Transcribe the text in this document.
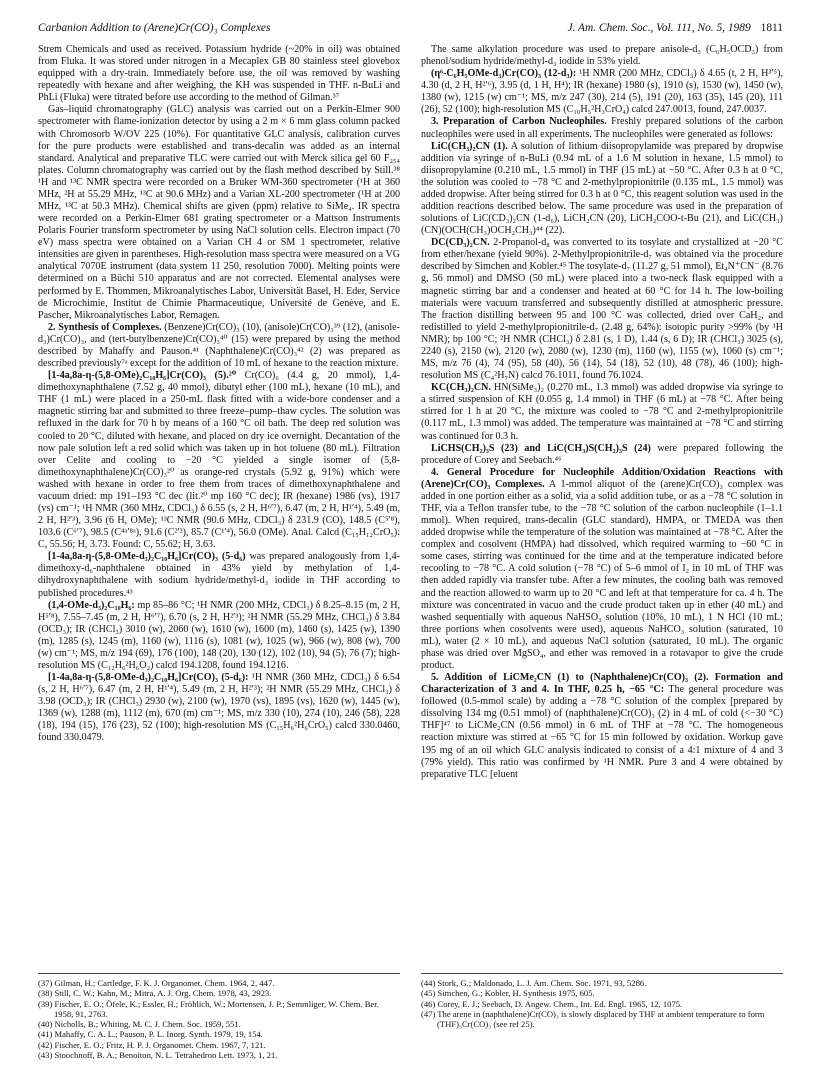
Carbanion Addition to (Arene)Cr(CO)₃ Complexes	J. Am. Chem. Soc., Vol. 111, No. 5, 1989 1811

Strem Chemicals and used as received. Potassium hydride (~20% in oil) was obtained from Fluka. It was stored under nitrogen in a Mecaplex GB 80 stainless steel glovebox equipped with a dry-train. Immediately before use, the oil was removed by washing repeatedly with hexane and after weighing, the KH was suspended in THF. n-BuLi and PhLi (Fluka) were titrated before use according to the method of Gilman.³⁷

Gas–liquid chromatography (GLC) analysis was carried out on a Perkin-Elmer 900 spectrometer with flame-ionization detector by using a 2 m × 6 mm glass column packed with Chromosorb W/OV 225 (10%). For quantitative GLC analysis, calibration curves for the pure products were established and trans-decalin was added as an internal standard. Analytical and preparative TLC were carried out with Merck silica gel 60 F₂₅₄ plates. Column chromatography was carried out by the flash method described by Still.³⁸ ¹H and ¹³C NMR spectra were recorded on a Bruker WM-360 spectrometer (¹H at 360 MHz, ²H at 55.29 MHz, ¹³C at 90.6 MHz) and a Varian XL-200 spectrometer (¹H at 200 MHz, ¹³C at 50.3 MHz). Chemical shifts are given (ppm) relative to SiMe₄. IR spectra were recorded on a Perkin-Elmer 681 grating spectrometer or a Mattson Instruments Polaris Fourier transform spectrometer by using NaCl solution cells. Electron impact (70 eV) mass spectra were obtained on a Varian CH 4 or SM 1 spectrometer, relative intensities are given in parentheses. High-resolution mass spectra were measured on a VG analytical 7070E instrument (data system 11 250, resolution 7000). Melting points were determined on a Büchi 510 apparatus and are not corrected. Elemental analyses were performed by E. Thommen, Mikroanalytisches Labor, Universität Basel, H. Eder, Service de Microchimie, Institut de Chimie Pharmaceutique, Université de Genève, and E. Pascher, Mikroanalytisches Labor, Remagen.

2. Synthesis of Complexes. (Benzene)Cr(CO)₃ (10), (anisole)Cr(CO)₃³⁹ (12), (anisole-d₃)Cr(CO)₃, and (tert-butylbenzene)Cr(CO)₃⁴⁰ (15) were prepared by using the method described by Mahaffy and Pauson.⁴¹ (Naphthalene)Cr(CO)₃⁴² (2) was prepared as described previously⁷ᵃ except for the addition of 10 mL of hexane to the reaction mixture.

[1-4a,8a-η-(5,8-OMe)₂C₁₀H₆]Cr(CO)₃ (5).²⁰ Cr(CO)₆ (4.4 g, 20 mmol), 1,4-dimethoxynaphthalene (7.52 g, 40 mmol), dibutyl ether (100 mL), hexane (10 mL), and THF (1 mL) were placed in a 250-mL flask fitted with a wide-bore condenser and a magnetic stirring bar and submitted to three freeze–pump–thaw cycles. The solution was refluxed in the dark for 70 h by means of a 160 °C oil bath. The deep red solution was cooled to 20 °C, diluted with hexane, and placed on dry ice overnight. Decantation of the now pale solution left a red solid which was taken up in hot toluene (80 mL). Filtration over Celite and cooling to −20 °C yielded a single isomer of (5,8-dimethoxynaphthalene)Cr(CO)₃²⁰ as orange-red crystals (5.92 g, 91%) which were washed with hexane in order to free them from traces of dimethoxynaphthalene and vacuum dried: mp 191–193 °C dec (lit.²⁰ mp 160 °C dec); IR (hexane) 1986 (vs), 1917 (vs) cm⁻¹; ¹H NMR (360 MHz, CDCl₃) δ 6.55 (s, 2 H, H⁶ʹ⁷), 6.47 (m, 2 H, H¹ʹ⁴), 5.49 (m, 2 H, H²ʹ³), 3.96 (6 H, OMe); ¹³C NMR (90.6 MHz, CDCl₃) δ 231.9 (CO), 148.5 (C⁵ʹ⁸), 103.6 (C⁶ʹ⁷), 98.5 (C⁴ᵃʹ⁸ᵃ), 91.6 (C²ʹ³), 85.7 (C¹ʹ⁴), 56.0 (OMe). Anal. Calcd (C₁₅H₁₂CrO₅): C, 55.56; H, 3.73. Found: C, 55.62; H, 3.63.

[1-4a,8a-η-(5,8-OMe-d₃)₂C₁₀H₆]Cr(CO)₃ (5-d₆) was prepared analogously from 1,4-dimethoxy-d₆-naphthalene obtained in 43% yield by methylation of 1,4-dihydroxynaphthalene with sodium hydride/methyl-d₃ iodide in THF according to published procedures.⁴³

(1,4-OMe-d₃)₂C₁₀H₆: mp 85–86 °C; ¹H NMR (200 MHz, CDCl₃) δ 8.25–8.15 (m, 2 H, H⁵ʹ⁸), 7.55–7.45 (m, 2 H, H⁶ʹ⁷), 6.70 (s, 2 H, H²ʹ³); ²H NMR (55.29 MHz, CHCl₃) δ 3.84 (OCD₃); IR (CHCl₃) 3010 (w), 2060 (w), 1610 (w), 1600 (m), 1460 (s), 1425 (w), 1390 (m), 1285 (s), 1245 (m), 1160 (w), 1116 (s), 1081 (w), 1025 (w), 966 (w), 808 (w), 700 (w) cm⁻¹; MS, m/z 194 (69), 176 (100), 148 (20), 130 (12), 102 (10), 94 (5), 76 (7); high-resolution MS (C₁₂H₆²H₆O₂) calcd 194.1208, found 194.1216.

[1-4a,8a-η-(5,8-OMe-d₃)₂C₁₀H₆]Cr(CO)₃ (5-d₆): ¹H NMR (360 MHz, CDCl₃) δ 6.54 (s, 2 H, H⁶ʹ⁷), 6.47 (m, 2 H, H¹ʹ⁴), 5.49 (m, 2 H, H²ʹ³); ²H NMR (55.29 MHz, CHCl₃) δ 3.98 (OCD₃); IR (CHCl₃) 2930 (w), 2100 (w), 1970 (vs), 1895 (vs), 1620 (w), 1445 (w), 1369 (w), 1288 (m), 1112 (m), 670 (m) cm⁻¹; MS, m/z 330 (10), 274 (10), 246 (58), 228 (18), 194 (15), 176 (23), 52 (100); high-resolution MS (C₁₅H₆²H₆CrO₅) calcd 330.0460, found 330.0479.

The same alkylation procedure was used to prepare anisole-d₃ (C₆H₅OCD₃) from phenol/sodium hydride/methyl-d₃ iodide in 53% yield.

(η⁶-C₆H₅OMe-d₃)Cr(CO)₃ (12-d₃): ¹H NMR (200 MHz, CDCl₃) δ 4.65 (t, 2 H, H³ʹ⁵), 4.30 (d, 2 H, H²ʹ⁶), 3.95 (d, 1 H, H⁴); IR (hexane) 1980 (s), 1910 (s), 1530 (w), 1450 (w), 1380 (w), 1215 (w) cm⁻¹; MS, m/z 247 (30), 214 (5), 191 (20), 163 (35), 145 (20), 111 (26), 52 (100); high-resolution MS (C₁₀H₅²H₃CrO₄) calcd 247.0013, found, 247.0037.

3. Preparation of Carbon Nucleophiles. Freshly prepared solutions of the carbon nucleophiles were used in all experiments. The nucleophiles were generated as follows:

LiC(CH₃)₂CN (1). A solution of lithium diisopropylamide was prepared by dropwise addition via syringe of n-BuLi (0.94 mL of a 1.6 M solution in hexane, 1.5 mmol) to diisopropylamine (0.210 mL, 1.5 mmol) in THF (15 mL) at −50 °C. After 0.3 h at 0 °C, the solution was cooled to −78 °C and 2-methylpropionitrile (0.135 mL, 1.5 mmol) was added dropwise. After being stirred for 0.3 h at 0 °C, this reagent solution was used in the addition reactions described below. The same procedure was used in the preparation of solutions of LiC(CD₃)₂CN (1-d₆), LiCH₂CN (20), LiCH₂COO-t-Bu (21), and LiC(CH₃)(CN)(OCH(CH₃)OCH₂CH₃)⁴⁴ (22).

DC(CD₃)₂CN. 2-Propanol-d₈ was converted to its tosylate and crystallized at −20 °C from ether/hexane (yield 90%). 2-Methylpropionitrile-d₇ was obtained via the procedure described by Simchen and Kobler.⁴⁵ The tosylate-d₇ (11.27 g, 51 mmol), Et₄N⁺CN⁻ (8.76 g, 56 mmol) and DMSO (50 mL) were placed into a two-neck flask equipped with a magnetic stirring bar and a condenser and heated at 60 °C for 14 h. The low-boiling materials were vacuum transferred and subsequently distilled at atmospheric pressure. The fraction distilling between 95 and 100 °C was collected, dried over CaH₂, and redistilled to yield 2-methylpropionitrile-d₇ (2.48 g, 64%): isotopic purity >99% (by ¹H NMR); bp 100 °C; ²H NMR (CHCl₃) δ 2.81 (s, 1 D), 1.44 (s, 6 D); IR (CHCl₃) 3025 (s), 2240 (s), 2150 (w), 2120 (w), 2080 (w), 1230 (m), 1160 (w), 1155 (w), 1060 (s) cm⁻¹; MS, m/z 76 (4), 74 (95), 58 (40), 56 (14), 54 (18), 52 (10), 48 (78), 46 (100); high-resolution MS (C₄²H₇N) calcd 76.1011, found 76.1024.

KC(CH₃)₂CN. HN(SiMe₃)₂ (0.270 mL, 1.3 mmol) was added dropwise via syringe to a stirred suspension of KH (0.055 g, 1.4 mmol) in THF (6 mL) at −78 °C. After being stirred for 1 h at 20 °C, the mixture was cooled to −78 °C and 2-methylpropionitrile (0.117 mL, 1.3 mmol) was added. The temperature was maintained at −78 °C and stirring was continued for 0.3 h.

LiCHS(CH₂)₃S (23) and LiC(CH₃)S(CH₂)₃S (24) were prepared following the procedure of Corey and Seebach.⁴⁶

4. General Procedure for Nucleophile Addition/Oxidation Reactions with (Arene)Cr(CO)₃ Complexes. A 1-mmol aliquot of the (arene)Cr(CO)₃ complex was added in one portion either as a solid, via a solid addition tube, or as a −78 °C solution in THF, via a Teflon transfer tube, to the −78 °C solution of the carbon nucleophile (1–1.1 mmol). When required, trans-decalin (GLC standard), HMPA, or TMEDA was then added dropwise while the temperature of the solution was maintained at −78 °C. After the complex and cosolvent (HMPA) had dissolved, which required warming to −60 °C in some cases, stirring was continued for the time and at the temperature indicated before recooling to −78 °C. A cold solution (−78 °C) of 5–6 mmol of I₂ in 10 mL of THF was then added rapidly via transfer tube. After a few minutes, the cooling bath was removed and the reaction allowed to warm up to 20 °C and left at that temperature for ca. 4 h. The mixture was concentrated in vacuo and the crude product taken up in ether (40 mL) and washed sequentially with aqueous NaHSO₃ solution (10%, 10 mL), 1 N HCl (10 mL; three portions when cosolvents were used), aqueous NaHCO₃ solution (saturated, 10 mL), water (2 × 10 mL), and aqueous NaCl solution (saturated, 10 mL). The organic phase was dried over MgSO₄, and ether was removed in a rotavapor to give the crude product.

5. Addition of LiCMe₂CN (1) to (Naphthalene)Cr(CO)₃ (2). Formation and Characterization of 3 and 4. In THF, 0.25 h, −65 °C: The general procedure was followed (0.5-mmol scale) by adding a −78 °C solution of the complex [prepared by dissolving 134 mg (0.51 mmol) of (naphthalene)Cr(CO)₃ (2) in 4 mL of cold (<−30 °C) THF]⁴⁷ to LiCMe₂CN (0.56 mmol) in 6 mL of THF at −78 °C. The homogeneous reaction mixture was stirred at −65 °C for 15 min followed by oxidation. Workup gave 195 mg of an oil which GLC analysis indicated to consist of a 4:1 mixture of 4 and 3 (79% yield). This ratio was confirmed by ¹H NMR. Pure 3 and 4 were obtained by preparative TLC [eluent

(37) Gilman, H.; Cartledge, F. K. J. Organomet. Chem. 1964, 2, 447.
(38) Still, C. W.; Kahn, M.; Mitra, A. J. Org. Chem. 1978, 43, 2923.
(39) Fischer, E. O.; Öfele, K.; Essler, H.; Fröhlich, W.; Mortensen, J. P.; Semmliger, W. Chem. Ber. 1958, 91, 2763.
(40) Nicholls, B.; Whiting, M. C. J. Chem. Soc. 1959, 551.
(41) Mahaffy, C. A. L.; Pauson, P. L. Inorg. Synth. 1979, 19, 154.
(42) Fischer, E. O.; Fritz, H. P. J. Organomet. Chem. 1967, 7, 121.
(43) Stoochnoff, B. A.; Benoiton, N. L. Tetrahedron Lett. 1973, 1, 21.
(44) Stork, G.; Maldonado, L. J. Am. Chem. Soc. 1971, 93, 5286.
(45) Simchen, G.; Kobler, H. Synthesis 1975, 605.
(46) Corey, E. J.; Seebach, D. Angew. Chem., Int. Ed. Engl. 1965, 12, 1075.
(47) The arene in (naphthalene)Cr(CO)₃ is slowly displaced by THF at ambient temperature to form (THF)₃Cr(CO)₃ (see ref 25).
